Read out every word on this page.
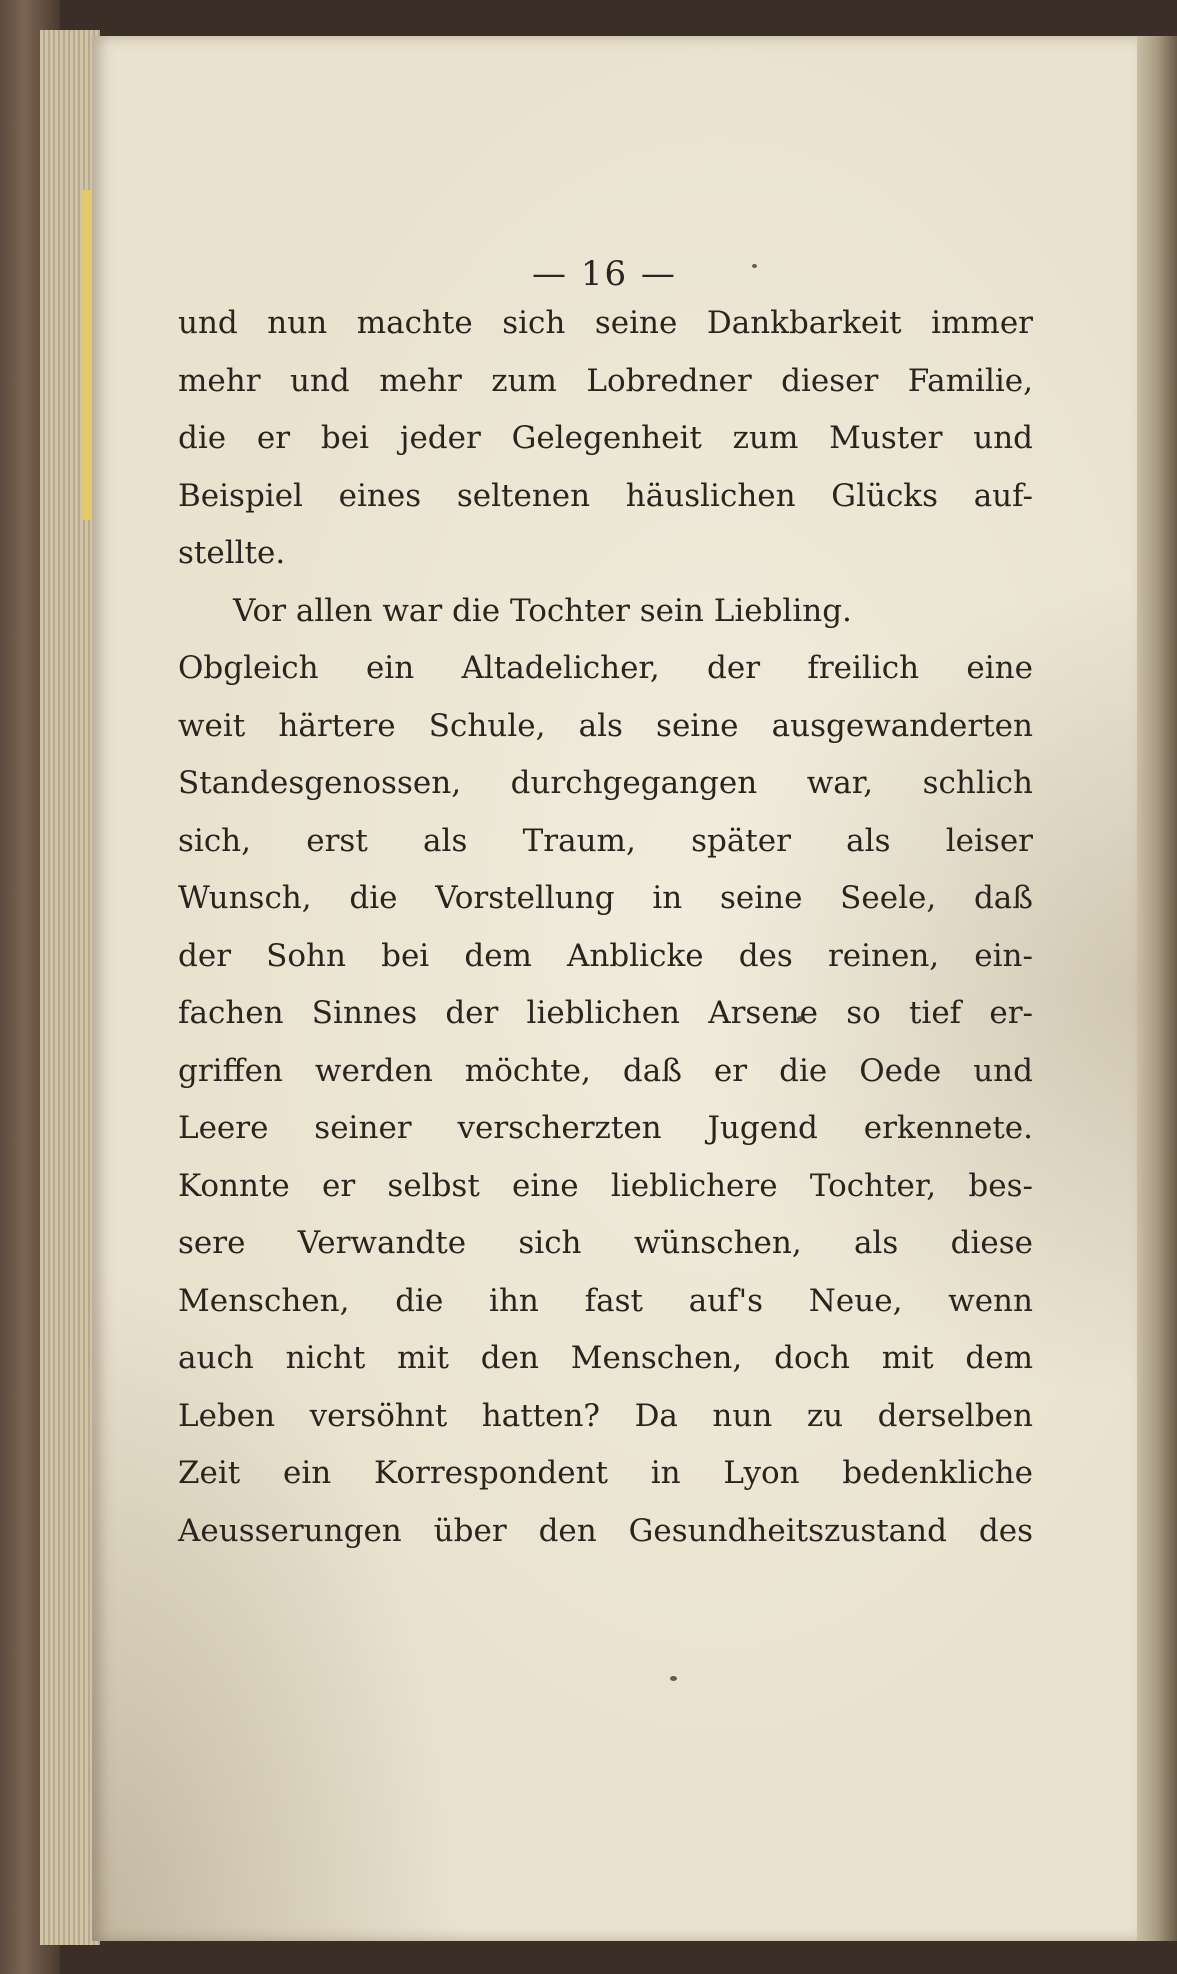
— 16 —
und nun machte sich seine Dankbarkeit immer
mehr und mehr zum Lobredner dieser Familie,
die er bei jeder Gelegenheit zum Muster und
Beispiel eines seltenen häuslichen Glücks auf-
stellte.
Vor allen war die Tochter sein Liebling.
Obgleich ein Altadelicher, der freilich eine
weit härtere Schule, als seine ausgewanderten
Standesgenossen, durchgegangen war, schlich
sich, erst als Traum, später als leiser
Wunsch, die Vorstellung in seine Seele, daß
der Sohn bei dem Anblicke des reinen, ein-
fachen Sinnes der lieblichen Arsene so tief er-
griffen werden möchte, daß er die Oede und
Leere seiner verscherzten Jugend erkennete.
Konnte er selbst eine lieblichere Tochter, bes-
sere Verwandte sich wünschen, als diese
Menschen, die ihn fast auf's Neue, wenn
auch nicht mit den Menschen, doch mit dem
Leben versöhnt hatten? Da nun zu derselben
Zeit ein Korrespondent in Lyon bedenkliche
Aeusserungen über den Gesundheitszustand des
